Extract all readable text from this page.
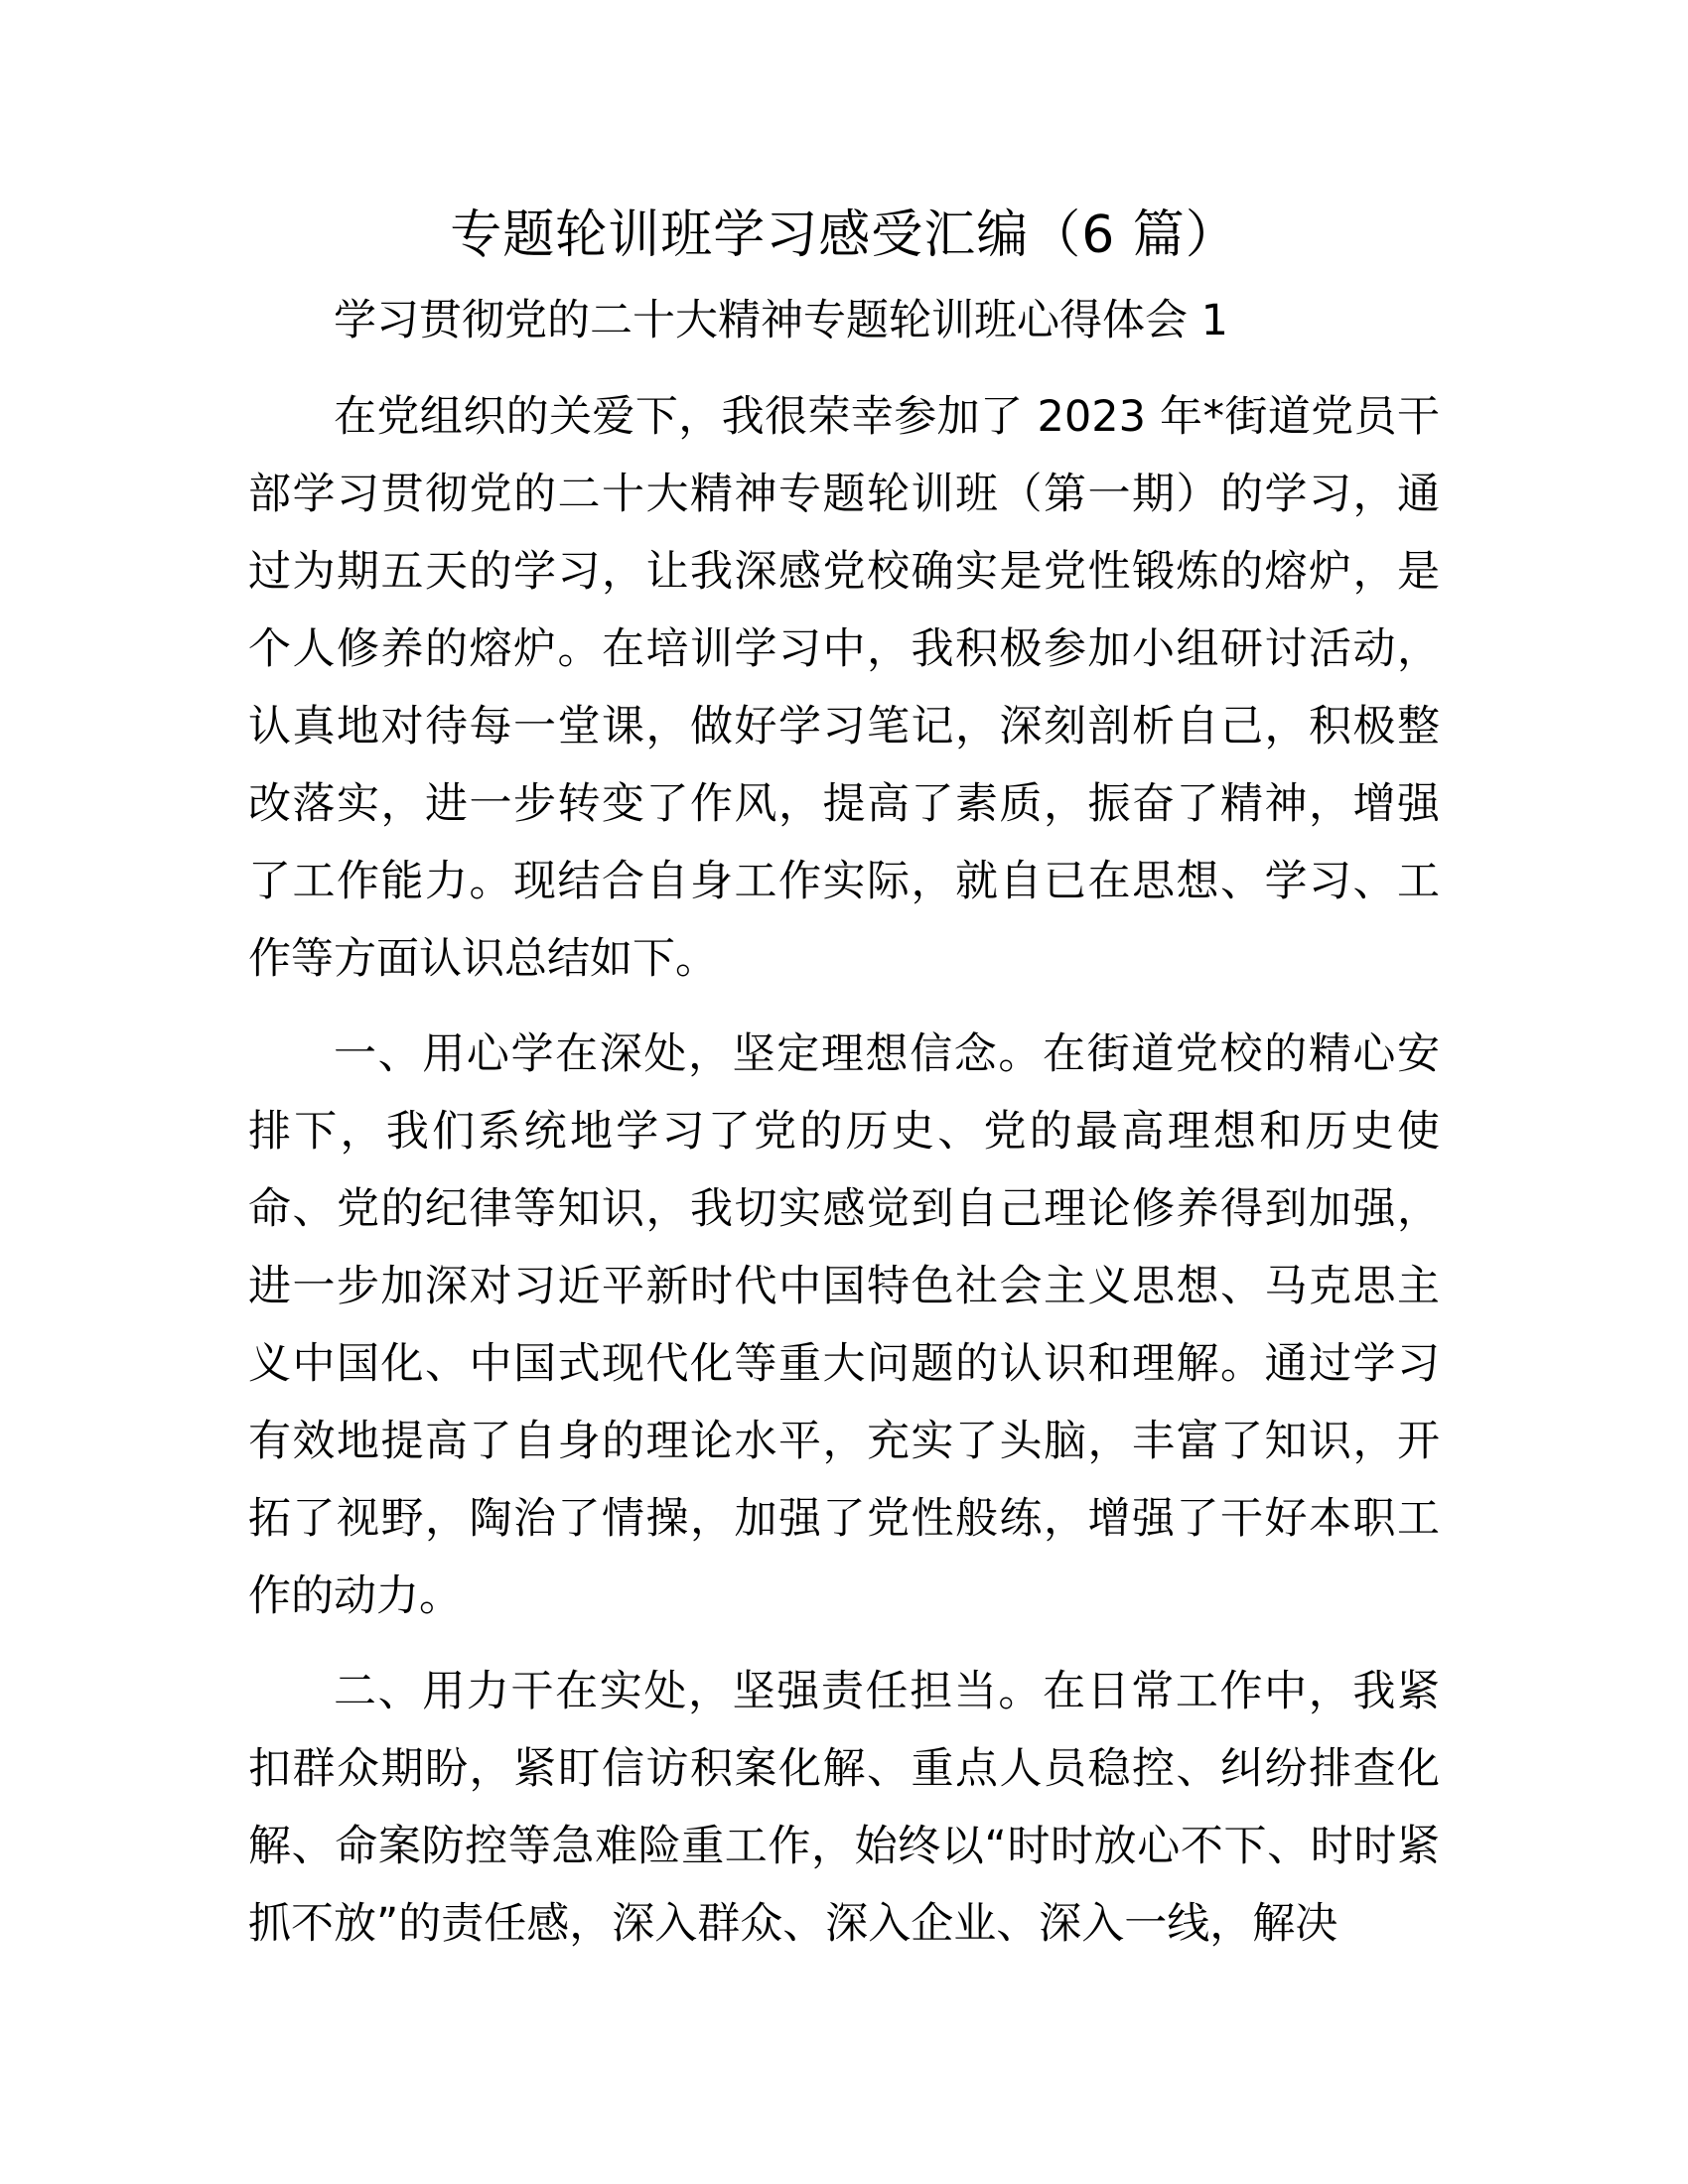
专题轮训班学习感受汇编（6 篇）
学习贯彻党的二十大精神专题轮训班心得体会 1

在党组织的关爱下，我很荣幸参加了 2023 年*街道党员干部学习贯彻党的二十大精神专题轮训班（第一期）的学习，通过为期五天的学习，让我深感党校确实是党性锻炼的熔炉，是个人修养的熔炉。在培训学习中，我积极参加小组研讨活动，认真地对待每一堂课，做好学习笔记，深刻剖析自己，积极整改落实，进一步转变了作风，提高了素质，振奋了精神，增强了工作能力。现结合自身工作实际，就自已在思想、学习、工作等方面认识总结如下。

一、用心学在深处，坚定理想信念。在街道党校的精心安排下，我们系统地学习了党的历史、党的最高理想和历史使命、党的纪律等知识，我切实感觉到自己理论修养得到加强，进一步加深对习近平新时代中国特色社会主义思想、马克思主义中国化、中国式现代化等重大问题的认识和理解。通过学习有效地提高了自身的理论水平，充实了头脑，丰富了知识，开拓了视野，陶治了情操，加强了党性般练，增强了干好本职工作的动力。

二、用力干在实处，坚强责任担当。在日常工作中，我紧扣群众期盼，紧盯信访积案化解、重点人员稳控、纠纷排查化解、命案防控等急难险重工作，始终以“时时放心不下、时时紧抓不放”的责任感，深入群众、深入企业、深入一线，解决
